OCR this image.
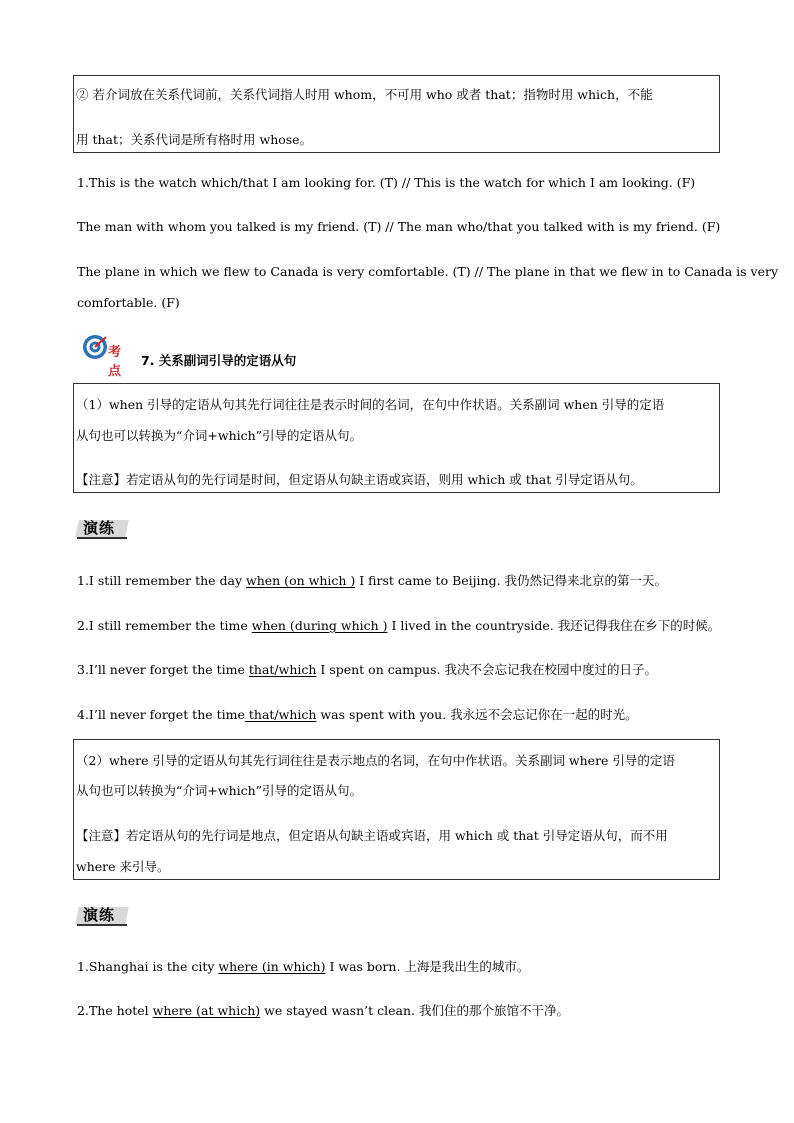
② 若介词放在关系代词前，关系代词指人时用 whom，不可用 who 或者 that；指物时用 which，不能
用 that；关系代词是所有格时用 whose。
1.This is the watch which/that I am looking for. (T) // This is the watch for which I am looking. (F)
The man with whom you talked is my friend. (T) // The man who/that you talked with is my friend. (F)
The plane in which we flew to Canada is very comfortable. (T) // The plane in that we flew in to Canada is very
comfortable. (F)
考点
7. 关系副词引导的定语从句
（1）when 引导的定语从句其先行词往往是表示时间的名词，在句中作状语。关系副词 when 引导的定语
从句也可以转换为“介词+which”引导的定语从句。
【注意】若定语从句的先行词是时间，但定语从句缺主语或宾语，则用 which 或 that 引导定语从句。
演练
1.I still remember the day when (on which ) I first came to Beijing. 我仍然记得来北京的第一天。
2.I still remember the time when (during which ) I lived in the countryside. 我还记得我住在乡下的时候。
3.I’ll never forget the time that/which I spent on campus. 我决不会忘记我在校园中度过的日子。
4.I’ll never forget the time that/which was spent with you. 我永远不会忘记你在一起的时光。
（2）where 引导的定语从句其先行词往往是表示地点的名词，在句中作状语。关系副词 where 引导的定语
从句也可以转换为“介词+which”引导的定语从句。
【注意】若定语从句的先行词是地点，但定语从句缺主语或宾语，用 which 或 that 引导定语从句，而不用
where 来引导。
演练
1.Shanghai is the city where (in which) I was born. 上海是我出生的城市。
2.The hotel where (at which) we stayed wasn’t clean. 我们住的那个旅馆不干净。
